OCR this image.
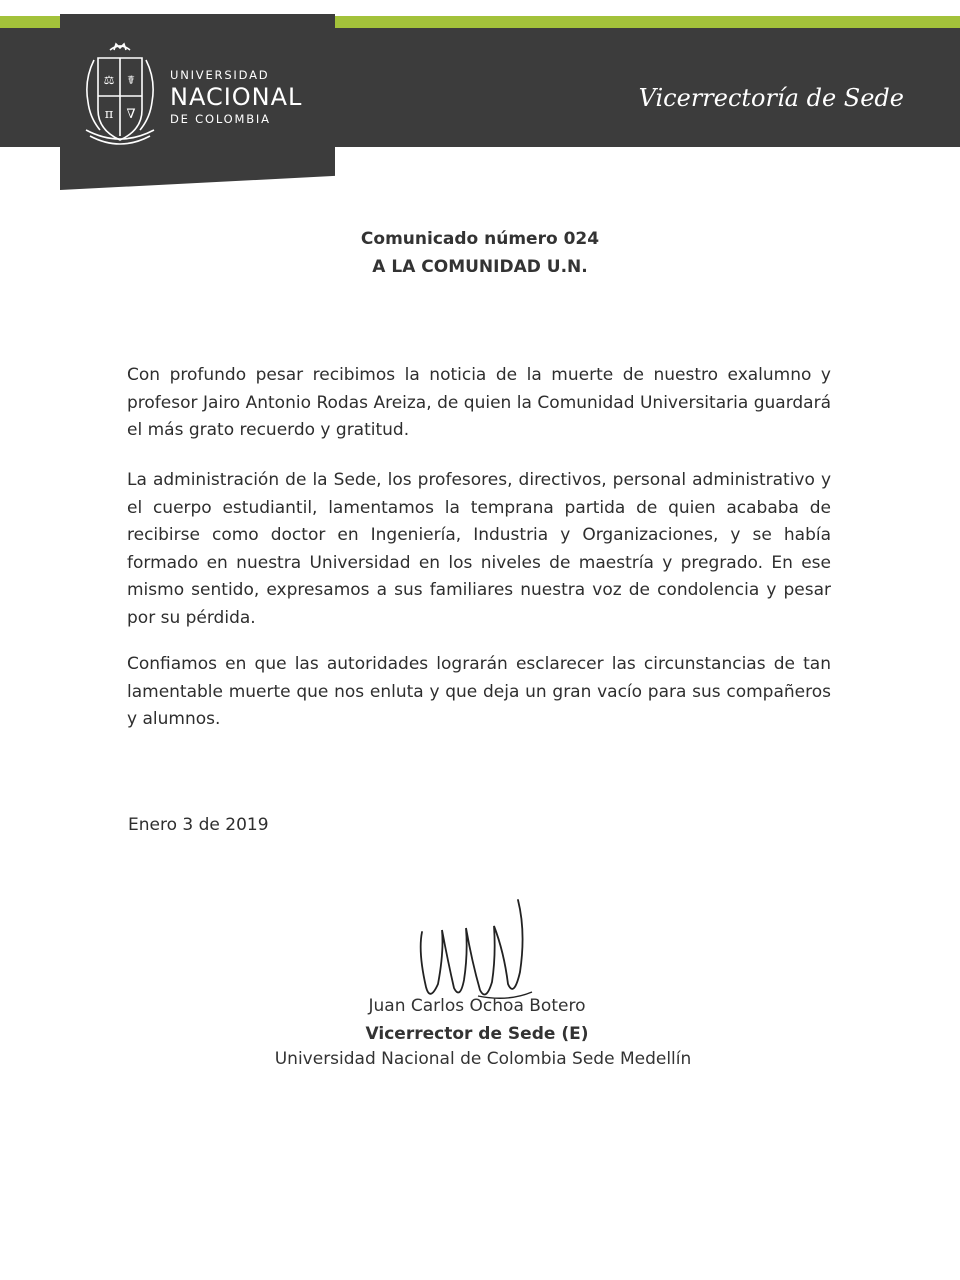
⚖ ☤
π ∇
UNIVERSIDAD
NACIONAL
DE COLOMBIA
Vicerrectoría de Sede
Comunicado número 024
A LA COMUNIDAD U.N.
Con profundo pesar recibimos la noticia de la muerte de nuestro exalumno y profesor Jairo Antonio Rodas Areiza, de quien la Comunidad Universitaria guardará el más grato recuerdo y gratitud.
La administración de la Sede, los profesores, directivos, personal administrativo y el cuerpo estudiantil, lamentamos la temprana partida de quien acababa de recibirse como doctor en Ingeniería, Industria y Organizaciones, y se había formado en nuestra Universidad en los niveles de maestría y pregrado. En ese mismo sentido, expresamos a sus familiares nuestra voz de condolencia y pesar por su pérdida.
Confiamos en que las autoridades lograrán esclarecer las circunstancias de tan lamentable muerte que nos enluta y que deja un gran vacío para sus compañeros y alumnos.
Enero 3 de 2019
Juan Carlos Ochoa Botero
Vicerrector de Sede (E)
Universidad Nacional de Colombia Sede Medellín
